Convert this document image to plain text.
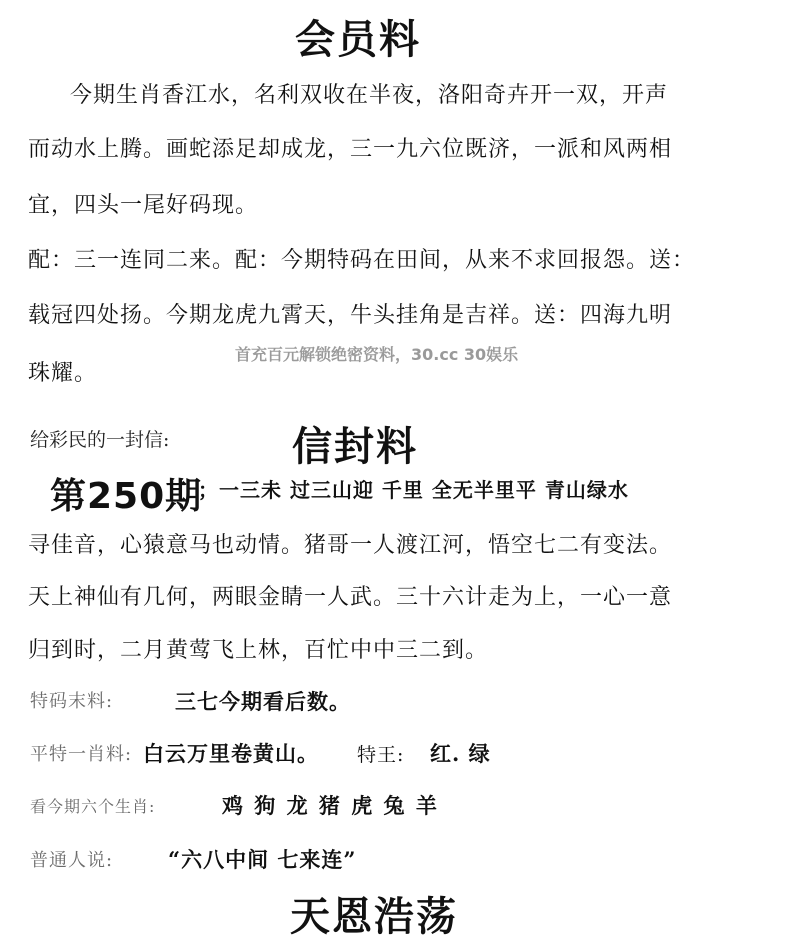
会员料
今期生肖香江水，名利双收在半夜，洛阳奇卉开一双，开声
而动水上腾。画蛇添足却成龙，三一九六位既济，一派和风两相
宜，四头一尾好码现。
配：三一连同二来。配：今期特码在田间，从来不求回报怨。送：
载冠四处扬。今期龙虎九霄天，牛头挂角是吉祥。送：四海九明
珠耀。
首充百元解锁绝密资料，30.cc 30娱乐
给彩民的一封信:	信封料
第250期
；一三未 过三山迎 千里 全无半里平 青山绿水
寻佳音，心猿意马也动情。猪哥一人渡江河，悟空七二有变法。
天上神仙有几何，两眼金睛一人武。三十六计走为上，一心一意
归到时，二月黄莺飞上林，百忙中中三二到。
特码末料:	三七今期看后数。
平特一肖料: 白云万里卷黄山。 特王: 红. 绿
看今期六个生肖:	鸡 狗 龙 猪 虎 兔 羊
普通人说:	“六八中间 七来连”
天恩浩荡
